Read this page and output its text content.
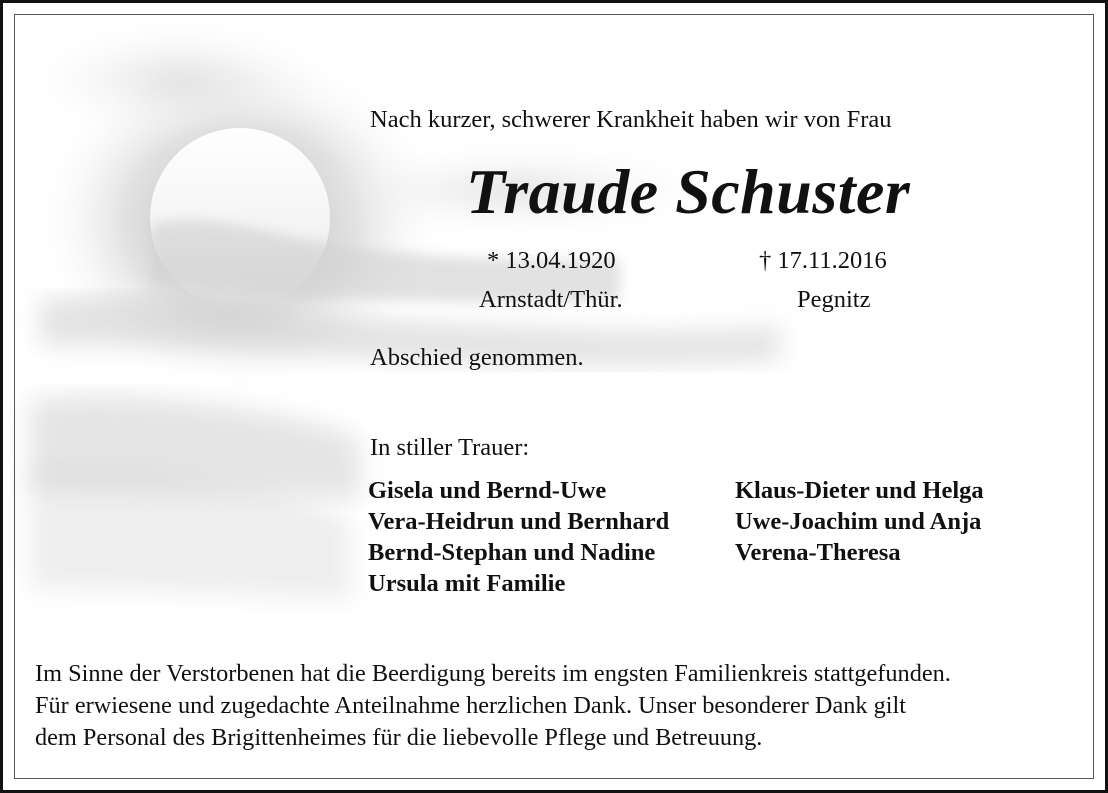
Nach kurzer, schwerer Krankheit haben wir von Frau
Traude Schuster
* 13.04.1920	† 17.11.2016
Arnstadt/Thür.	Pegnitz
Abschied genommen.
In stiller Trauer:
Gisela und Bernd-Uwe
Vera-Heidrun und Bernhard
Bernd-Stephan und Nadine
Ursula mit Familie
Klaus-Dieter und Helga
Uwe-Joachim und Anja
Verena-Theresa
Im Sinne der Verstorbenen hat die Beerdigung bereits im engsten Familienkreis stattgefunden.
Für erwiesene und zugedachte Anteilnahme herzlichen Dank. Unser besonderer Dank gilt
dem Personal des Brigittenheimes für die liebevolle Pflege und Betreuung.
